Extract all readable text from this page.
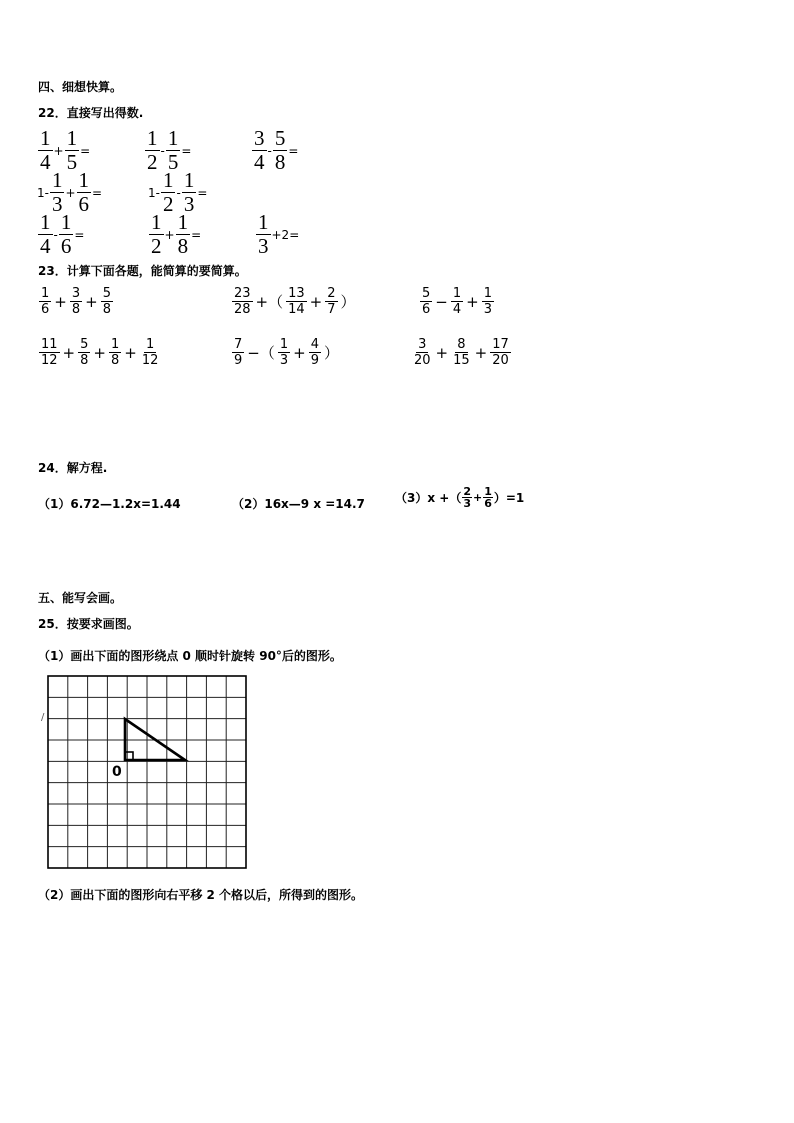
四、细想快算。
22．直接写出得数.
$\frac{1}{4} + \frac{1}{5}$ =	$\frac{1}{2} - \frac{1}{5}$ =	$\frac{3}{4} - \frac{5}{8}$ =
$1- \frac{1}{3} + \frac{1}{6}$ =	$1- \frac{1}{2} - \frac{1}{3}$ =
$\frac{1}{4} - \frac{1}{6}$ =	$\frac{1}{2} + \frac{1}{8}$ =	$\frac{1}{3} +2=$
23．计算下面各题，能简算的要简算。
$\frac{1}{6} + \frac{3}{8} + \frac{5}{8}$	$\frac{23}{28}$ +（ $\frac{13}{14} + \frac{2}{7}$ ）	$\frac{5}{6} - \frac{1}{4} + \frac{1}{3}$
$\frac{11}{12} + \frac{5}{8} + \frac{1}{8} + \frac{1}{12}$	$\frac{7}{9}$ −（ $\frac{1}{3} + \frac{4}{9}$ ）	$\frac{3}{20} + \frac{8}{15} + \frac{17}{20}$
24．解方程.
（1）6.72—1.2x=1.44	（2）16x—9 x =14.7	（3）x +（ 2
$3 + \frac{1}{6} )=1$
五、能写会画。
25．按要求画图。
（1）画出下面的图形绕点 0 顺时针旋转 90°后的图形。
0
/
（2）画出下面的图形向右平移 2 个格以后，所得到的图形。
